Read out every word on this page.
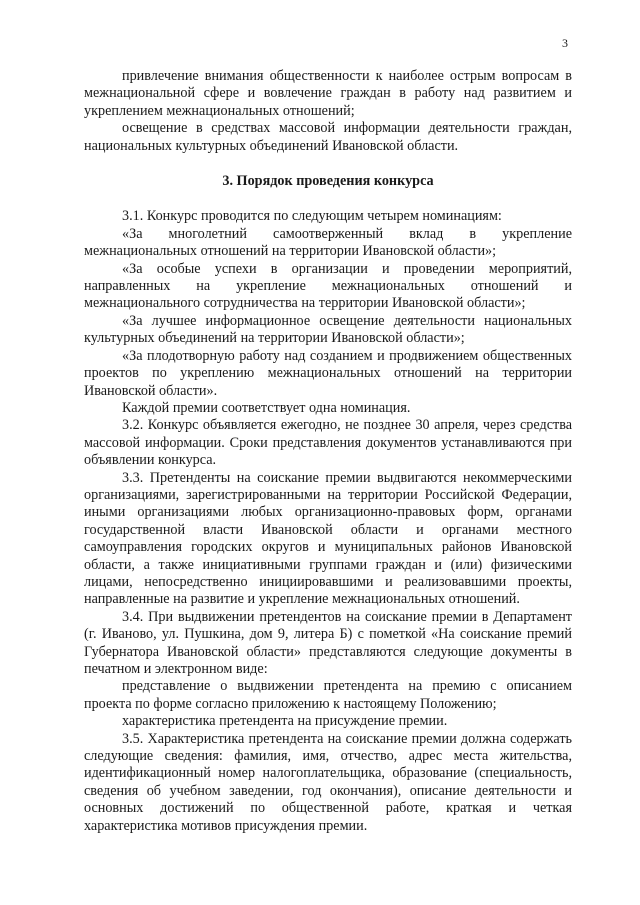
3

привлечение внимания общественности к наиболее острым вопросам в межнациональной сфере и вовлечение граждан в работу над развитием и укреплением межнациональных отношений;

освещение в средствах массовой информации деятельности граждан, национальных культурных объединений Ивановской области.

3. Порядок проведения конкурса

3.1. Конкурс проводится по следующим четырем номинациям:

«За многолетний самоотверженный вклад в укрепление межнациональных отношений на территории Ивановской области»;

«За особые успехи в организации и проведении мероприятий, направленных на укрепление межнациональных отношений и межнационального сотрудничества на территории Ивановской области»;

«За лучшее информационное освещение деятельности национальных культурных объединений на территории Ивановской области»;

«За плодотворную работу над созданием и продвижением общественных проектов по укреплению межнациональных отношений на территории Ивановской области».

Каждой премии соответствует одна номинация.

3.2. Конкурс объявляется ежегодно, не позднее 30 апреля, через средства массовой информации. Сроки представления документов устанавливаются при объявлении конкурса.

3.3. Претенденты на соискание премии выдвигаются некоммерческими организациями, зарегистрированными на территории Российской Федерации, иными организациями любых организационно-правовых форм, органами государственной власти Ивановской области и органами местного самоуправления городских округов и муниципальных районов Ивановской области, а также инициативными группами граждан и (или) физическими лицами, непосредственно инициировавшими и реализовавшими проекты, направленные на развитие и укрепление межнациональных отношений.

3.4. При выдвижении претендентов на соискание премии в Департамент (г. Иваново, ул. Пушкина, дом 9, литера Б) с пометкой «На соискание премий Губернатора Ивановской области» представляются следующие документы в печатном и электронном виде:

представление о выдвижении претендента на премию с описанием проекта по форме согласно приложению к настоящему Положению;

характеристика претендента на присуждение премии.

3.5. Характеристика претендента на соискание премии должна содержать следующие сведения: фамилия, имя, отчество, адрес места жительства, идентификационный номер налогоплательщика, образование (специальность, сведения об учебном заведении, год окончания), описание деятельности и основных достижений по общественной работе, краткая и четкая характеристика мотивов присуждения премии.
